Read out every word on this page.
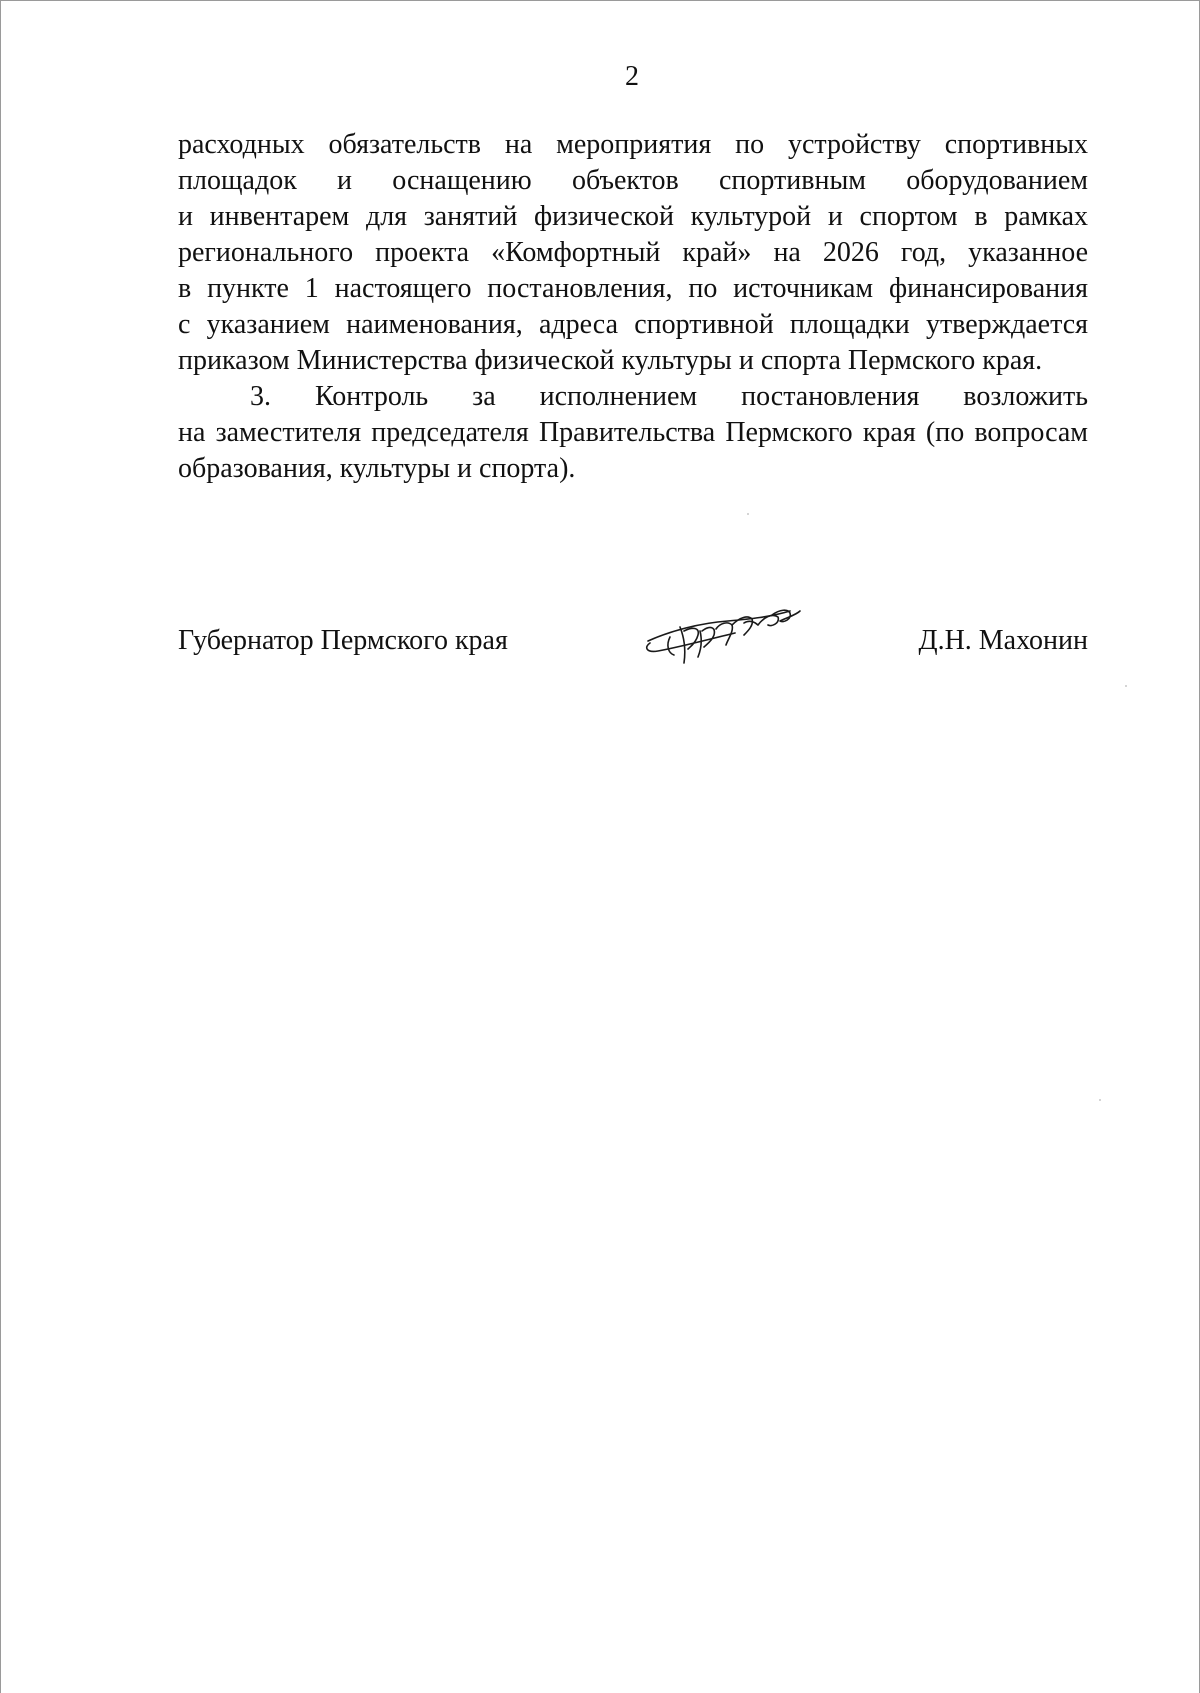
2
расходных обязательств на мероприятия по устройству спортивных
площадок и оснащению объектов спортивным оборудованием
и инвентарем для занятий физической культурой и спортом в рамках
регионального проекта «Комфортный край» на 2026 год, указанное
в пункте 1 настоящего постановления, по источникам финансирования
с указанием наименования, адреса спортивной площадки утверждается
приказом Министерства физической культуры и спорта Пермского края.
3. Контроль за исполнением постановления возложить
на заместителя председателя Правительства Пермского края (по вопросам
образования, культуры и спорта).
Губернатор Пермского края	Д.Н. Махонин
